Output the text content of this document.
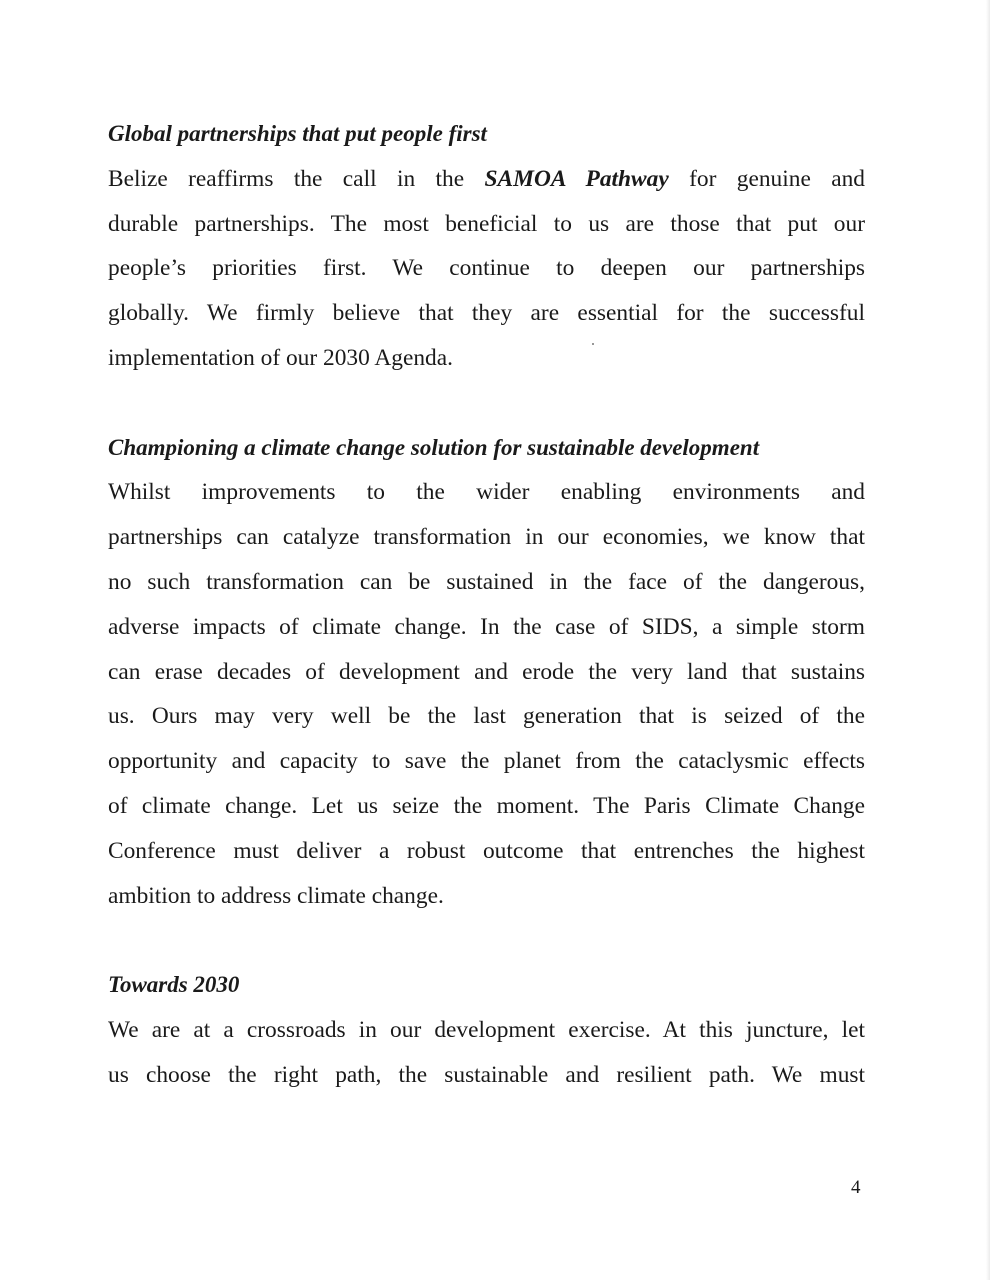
Global partnerships that put people first

Belize reaffirms the call in the SAMOA Pathway for genuine and
durable partnerships. The most beneficial to us are those that put our
people’s priorities first. We continue to deepen our partnerships
globally. We firmly believe that they are essential for the successful
implementation of our 2030 Agenda.

Championing a climate change solution for sustainable development

Whilst improvements to the wider enabling environments and
partnerships can catalyze transformation in our economies, we know that
no such transformation can be sustained in the face of the dangerous,
adverse impacts of climate change. In the case of SIDS, a simple storm
can erase decades of development and erode the very land that sustains
us. Ours may very well be the last generation that is seized of the
opportunity and capacity to save the planet from the cataclysmic effects
of climate change. Let us seize the moment. The Paris Climate Change
Conference must deliver a robust outcome that entrenches the highest
ambition to address climate change.

Towards 2030

We are at a crossroads in our development exercise. At this juncture, let
us choose the right path, the sustainable and resilient path. We must

4
